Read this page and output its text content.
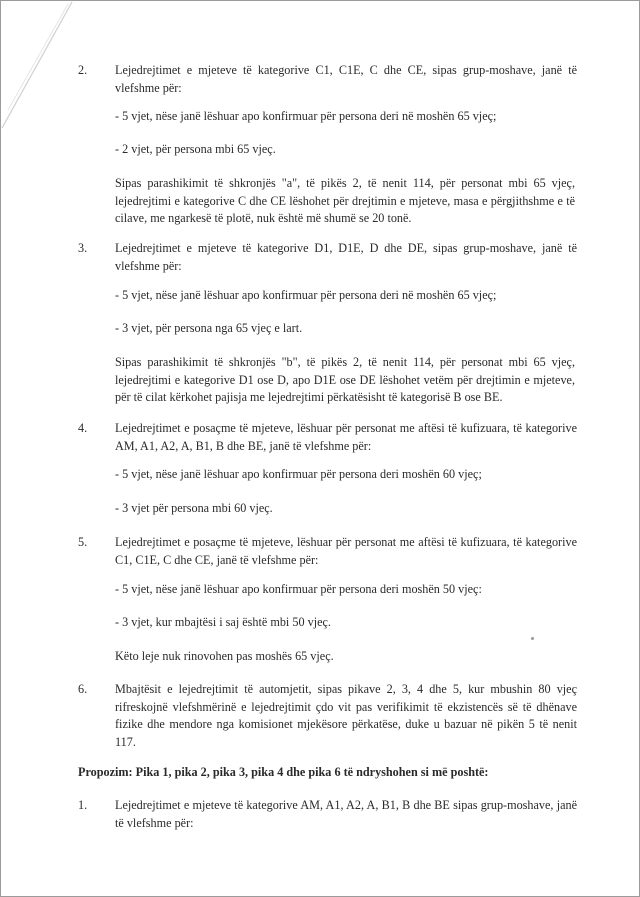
2.	Lejedrejtimet e mjeteve të kategorive C1, C1E, C dhe CE, sipas grup-moshave, janë të vlefshme për:
- 5 vjet, nëse janë lëshuar apo konfirmuar për persona deri në moshën 65 vjeç;
- 2 vjet, për persona mbi 65 vjeç.
Sipas parashikimit të shkronjës "a", të pikës 2, të nenit 114, për personat mbi 65 vjeç, lejedrejtimi e kategorive C dhe CE lëshohet për drejtimin e mjeteve, masa e përgjithshme e të cilave, me ngarkesë të plotë, nuk është më shumë se 20 tonë.
3.	Lejedrejtimet e mjeteve të kategorive D1, D1E, D dhe DE, sipas grup-moshave, janë të vlefshme për:
- 5 vjet, nëse janë lëshuar apo konfirmuar për persona deri në moshën 65 vjeç;
- 3 vjet, për persona nga 65 vjeç e lart.
Sipas parashikimit të shkronjës "b", të pikës 2, të nenit 114, për personat mbi 65 vjeç, lejedrejtimi e kategorive D1 ose D, apo D1E ose DE lëshohet vetëm për drejtimin e mjeteve, për të cilat kërkohet pajisja me lejedrejtimi përkatësisht të kategorisë B ose BE.
4.	Lejedrejtimet e posaçme të mjeteve, lëshuar për personat me aftësi të kufizuara, të kategorive AM, A1, A2, A, B1, B dhe BE, janë të vlefshme për:
- 5 vjet, nëse janë lëshuar apo konfirmuar për persona deri moshën 60 vjeç;
- 3 vjet për persona mbi 60 vjeç.
5.	Lejedrejtimet e posaçme të mjeteve, lëshuar për personat me aftësi të kufizuara, të kategorive C1, C1E, C dhe CE, janë të vlefshme për:
- 5 vjet, nëse janë lëshuar apo konfirmuar për persona deri moshën 50 vjeç:
- 3 vjet, kur mbajtësi i saj është mbi 50 vjeç.
Këto leje nuk rinovohen pas moshës 65 vjeç.
6.	Mbajtësit e lejedrejtimit të automjetit, sipas pikave 2, 3, 4 dhe 5, kur mbushin 80 vjeç rifreskojnë vlefshmërinë e lejedrejtimit çdo vit pas verifikimit të ekzistencës së të dhënave fizike dhe mendore nga komisionet mjekësore përkatëse, duke u bazuar në pikën 5 të nenit 117.
Propozim: Pika 1, pika 2, pika 3, pika 4 dhe pika 6 të ndryshohen si më poshtë:
1.	Lejedrejtimet e mjeteve të kategorive AM, A1, A2, A, B1, B dhe BE sipas grup-moshave, janë të vlefshme për:
